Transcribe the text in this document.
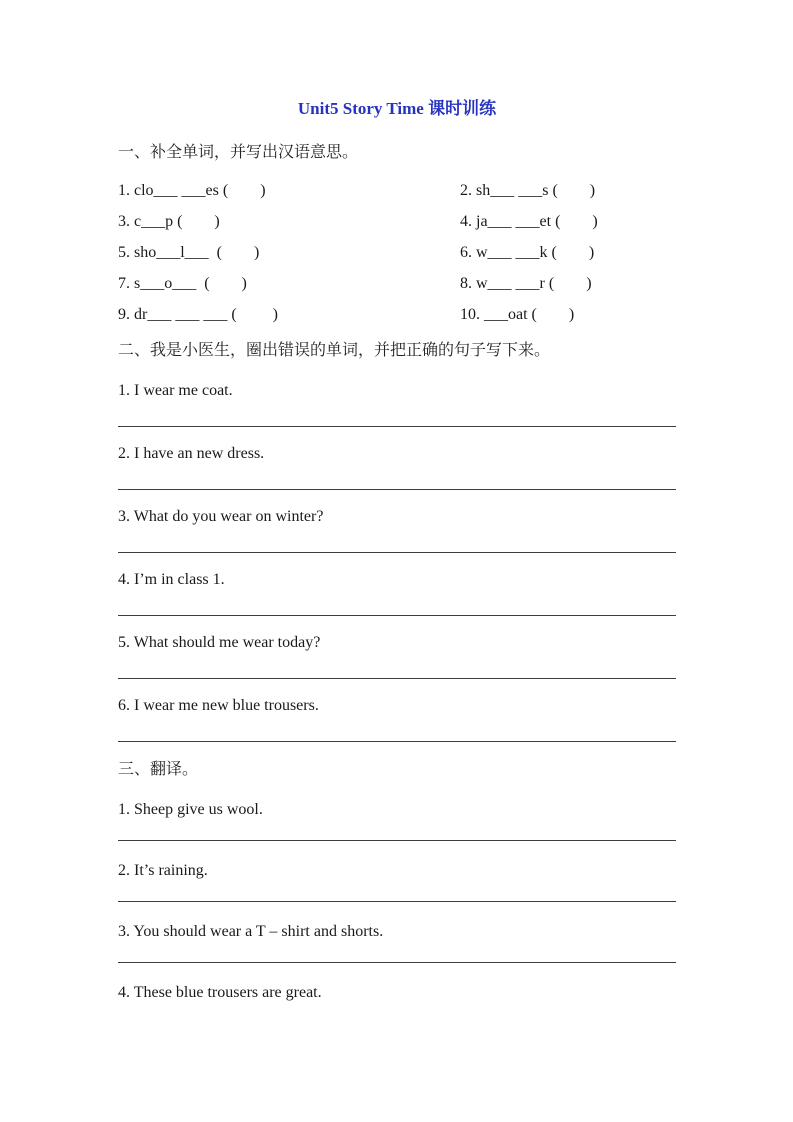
Unit5 Story Time 课时训练
一、补全单词，并写出汉语意思。
1. clo___ ___es (        )	2. sh___ ___s (        )
3. c___p (        )	4. ja___ ___et (        )
5. sho___l___  (        )	6. w___ ___k (        )
7. s___o___  (        )	8. w___ ___r (        )
9. dr___ ___ ___ (         )	10. ___oat (        )
二、我是小医生，圈出错误的单词，并把正确的句子写下来。

1. I wear me coat.

2. I have an new dress.

3. What do you wear on winter?

4. I’m in class 1.

5. What should me wear today?

6. I wear me new blue trousers.

三、翻译。

1. Sheep give us wool.

2. It’s raining.

3. You should wear a T – shirt and shorts.

4. These blue trousers are great.
